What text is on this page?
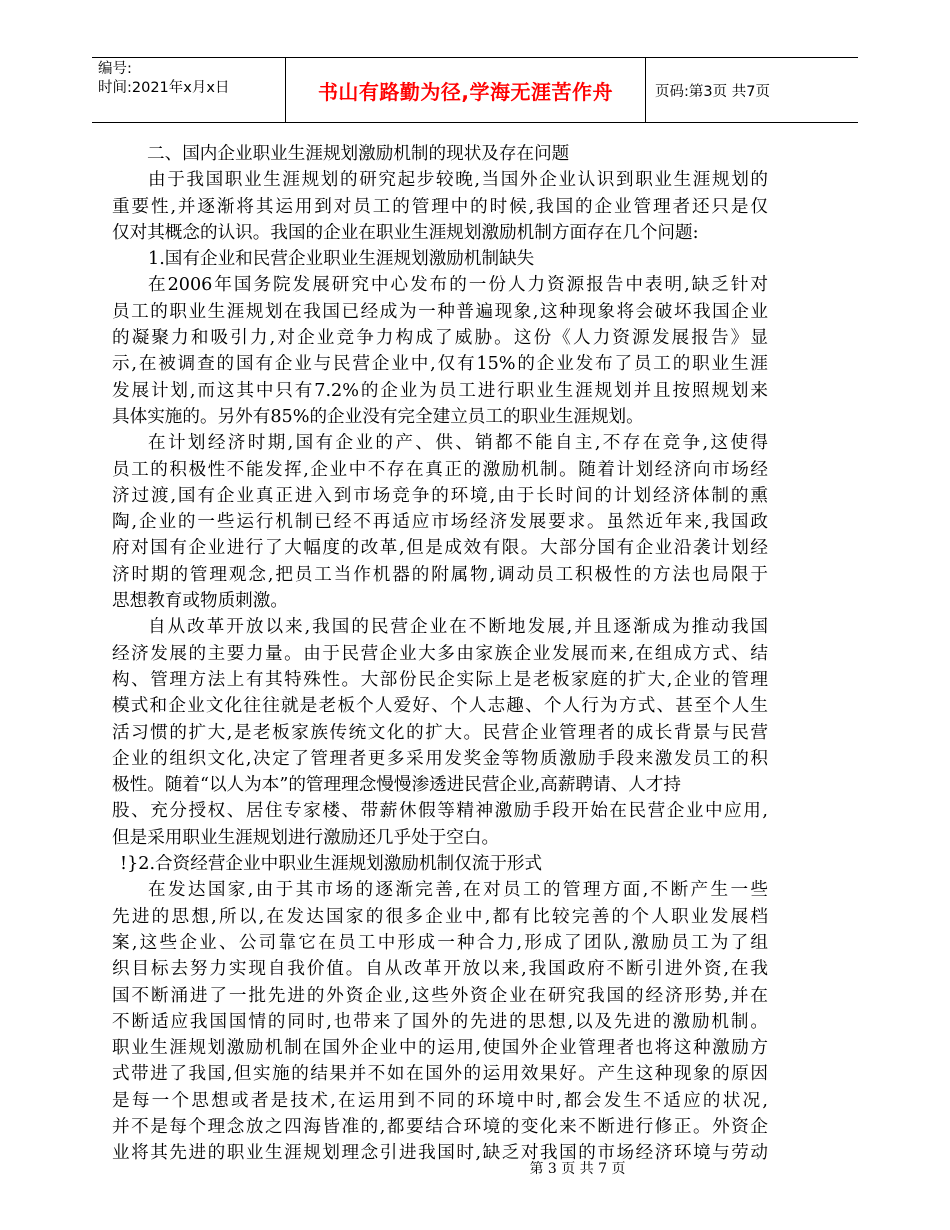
编号:
时间:2021年x月x日	书山有路勤为径,学海无涯苦作舟	页码:第3页 共7页
二、国内企业职业生涯规划激励机制的现状及存在问题
由于我国职业生涯规划的研究起步较晚,当国外企业认识到职业生涯规划的
重要性,并逐渐将其运用到对员工的管理中的时候,我国的企业管理者还只是仅
仅对其概念的认识。我国的企业在职业生涯规划激励机制方面存在几个问题:
1.国有企业和民营企业职业生涯规划激励机制缺失
在2006年国务院发展研究中心发布的一份人力资源报告中表明,缺乏针对
员工的职业生涯规划在我国已经成为一种普遍现象,这种现象将会破坏我国企业
的凝聚力和吸引力,对企业竞争力构成了威胁。这份《人力资源发展报告》显
示,在被调查的国有企业与民营企业中,仅有15%的企业发布了员工的职业生涯
发展计划,而这其中只有7.2%的企业为员工进行职业生涯规划并且按照规划来
具体实施的。另外有85%的企业没有完全建立员工的职业生涯规划。
在计划经济时期,国有企业的产、供、销都不能自主,不存在竞争,这使得
员工的积极性不能发挥,企业中不存在真正的激励机制。随着计划经济向市场经
济过渡,国有企业真正进入到市场竞争的环境,由于长时间的计划经济体制的熏
陶,企业的一些运行机制已经不再适应市场经济发展要求。虽然近年来,我国政
府对国有企业进行了大幅度的改革,但是成效有限。大部分国有企业沿袭计划经
济时期的管理观念,把员工当作机器的附属物,调动员工积极性的方法也局限于
思想教育或物质刺激。
自从改革开放以来,我国的民营企业在不断地发展,并且逐渐成为推动我国
经济发展的主要力量。由于民营企业大多由家族企业发展而来,在组成方式、结
构、管理方法上有其特殊性。大部份民企实际上是老板家庭的扩大,企业的管理
模式和企业文化往往就是老板个人爱好、个人志趣、个人行为方式、甚至个人生
活习惯的扩大,是老板家族传统文化的扩大。民营企业管理者的成长背景与民营
企业的组织文化,决定了管理者更多采用发奖金等物质激励手段来激发员工的积
极性。随着“以人为本”的管理理念慢慢渗透进民营企业,高薪聘请、人才持
股、充分授权、居住专家楼、带薪休假等精神激励手段开始在民营企业中应用,
但是采用职业生涯规划进行激励还几乎处于空白。
!}2.合资经营企业中职业生涯规划激励机制仅流于形式
在发达国家,由于其市场的逐渐完善,在对员工的管理方面,不断产生一些
先进的思想,所以,在发达国家的很多企业中,都有比较完善的个人职业发展档
案,这些企业、公司靠它在员工中形成一种合力,形成了团队,激励员工为了组
织目标去努力实现自我价值。自从改革开放以来,我国政府不断引进外资,在我
国不断涌进了一批先进的外资企业,这些外资企业在研究我国的经济形势,并在
不断适应我国国情的同时,也带来了国外的先进的思想,以及先进的激励机制。
职业生涯规划激励机制在国外企业中的运用,使国外企业管理者也将这种激励方
式带进了我国,但实施的结果并不如在国外的运用效果好。产生这种现象的原因
是每一个思想或者是技术,在运用到不同的环境中时,都会发生不适应的状况,
并不是每个理念放之四海皆准的,都要结合环境的变化来不断进行修正。外资企
业将其先进的职业生涯规划理念引进我国时,缺乏对我国的市场经济环境与劳动
第 3 页 共 7 页
